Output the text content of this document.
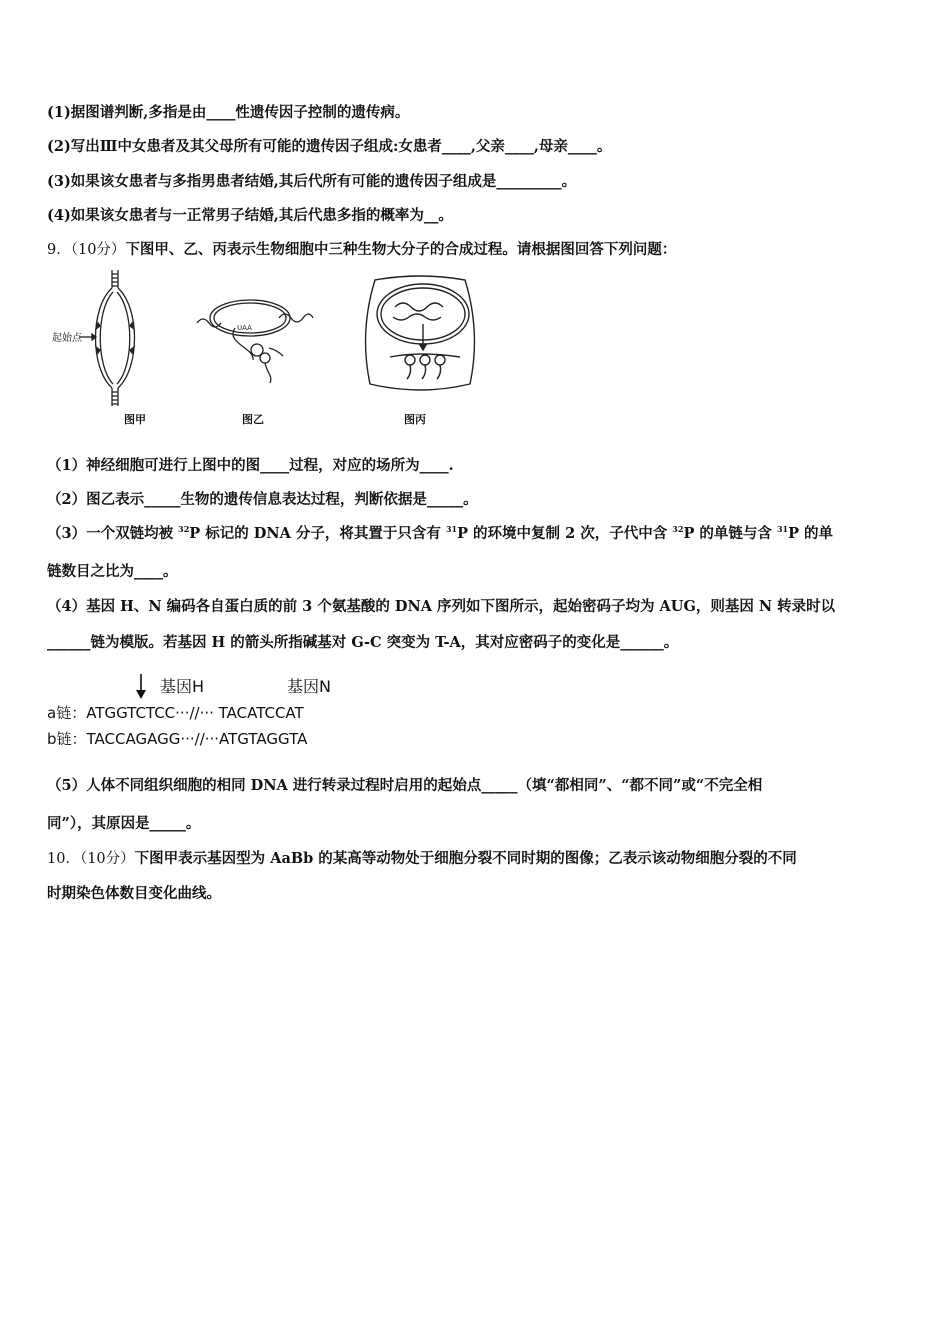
(1)据图谱判断,多指是由____性遗传因子控制的遗传病。
(2)写出Ⅲ中女患者及其父母所有可能的遗传因子组成:女患者____,父亲____,母亲____。
(3)如果该女患者与多指男患者结婚,其后代所有可能的遗传因子组成是_________。
(4)如果该女患者与一正常男子结婚,其后代患多指的概率为__。
9．（10分）下图甲、乙、丙表示生物细胞中三种生物大分子的合成过程。请根据图回答下列问题：
起始点
图甲
UAA
图乙	图丙
（1）神经细胞可进行上图中的图____过程，对应的场所为____.
（2）图乙表示_____生物的遗传信息表达过程，判断依据是_____。
（3）一个双链均被 $^{32}$P 标记的 DNA 分子，将其置于只含有 $^{31}$P 的环境中复制 2 次，子代中含 $^{32}$P 的单链与含 $^{31}$P 的单
链数目之比为____。
（4）基因 H、N 编码各自蛋白质的前 3 个氨基酸的 DNA 序列如下图所示，起始密码子均为 AUG，则基因 N 转录时以
______链为模版。若基因 H 的箭头所指碱基对 G-C 突变为 T-A，其对应密码子的变化是______。
基因H	基因N
a链：ATGGTCTCC···//··· TACATCCAT
b链：TACCAGAGG···//···ATGTAGGTA
（5）人体不同组织细胞的相同 DNA 进行转录过程时启用的起始点_____（填“都相同”、“都不同”或“不完全相
同”），其原因是_____。
10．（10分）下图甲表示基因型为 AaBb 的某高等动物处于细胞分裂不同时期的图像；乙表示该动物细胞分裂的不同
时期染色体数目变化曲线。
